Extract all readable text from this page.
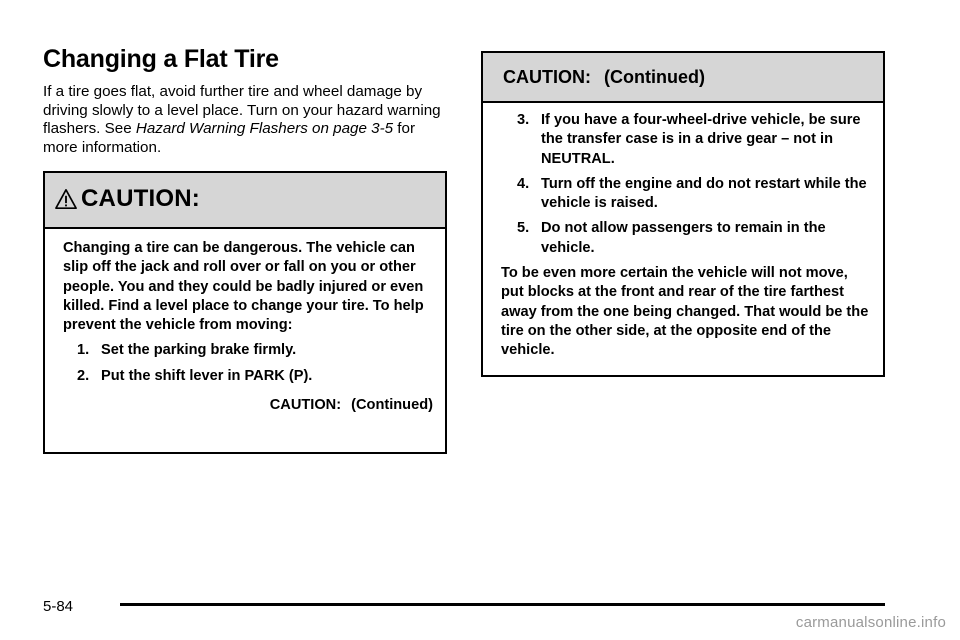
Changing a Flat Tire
If a tire goes flat, avoid further tire and wheel damage by driving slowly to a level place. Turn on your hazard warning flashers. See Hazard Warning Flashers on page 3-5 for more information.
CAUTION:

Changing a tire can be dangerous. The vehicle can slip off the jack and roll over or fall on you or other people. You and they could be badly injured or even killed. Find a level place to change your tire. To help prevent the vehicle from moving:

1. Set the parking brake firmly.
2. Put the shift lever in PARK (P).
CAUTION: (Continued)
CAUTION: (Continued)
3. If you have a four-wheel-drive vehicle, be sure the transfer case is in a drive gear – not in NEUTRAL.
4. Turn off the engine and do not restart while the vehicle is raised.
5. Do not allow passengers to remain in the vehicle.

To be even more certain the vehicle will not move, put blocks at the front and rear of the tire farthest away from the one being changed. That would be the tire on the other side, at the opposite end of the vehicle.

5-84
carmanualsonline.info
